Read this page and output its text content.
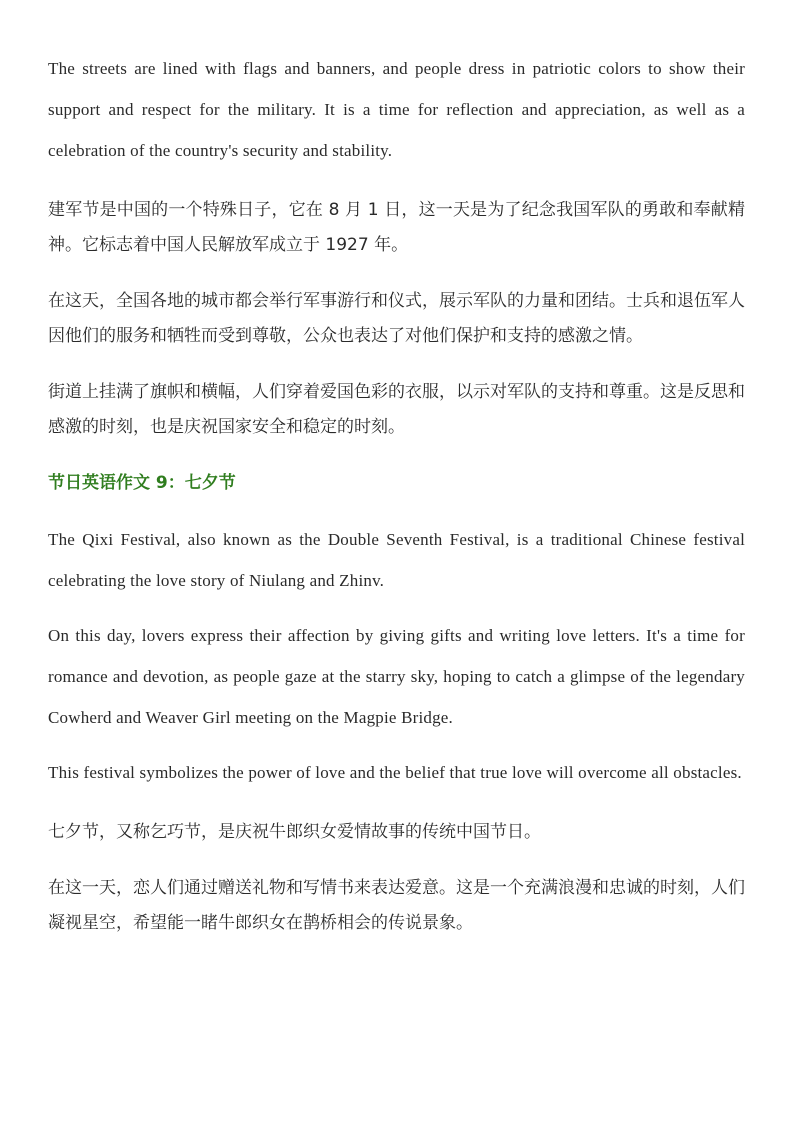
The streets are lined with flags and banners, and people dress in patriotic colors to show their support and respect for the military. It is a time for reflection and appreciation, as well as a celebration of the country's security and stability.

建军节是中国的一个特殊日子，它在 8 月 1 日，这一天是为了纪念我国军队的勇敢和奉献精神。它标志着中国人民解放军成立于 1927 年。

在这天，全国各地的城市都会举行军事游行和仪式，展示军队的力量和团结。士兵和退伍军人因他们的服务和牺牲而受到尊敬，公众也表达了对他们保护和支持的感激之情。

街道上挂满了旗帜和横幅，人们穿着爱国色彩的衣服，以示对军队的支持和尊重。这是反思和感激的时刻，也是庆祝国家安全和稳定的时刻。

节日英语作文 9：七夕节

The Qixi Festival, also known as the Double Seventh Festival, is a traditional Chinese festival celebrating the love story of Niulang and Zhinv.

On this day, lovers express their affection by giving gifts and writing love letters. It's a time for romance and devotion, as people gaze at the starry sky, hoping to catch a glimpse of the legendary Cowherd and Weaver Girl meeting on the Magpie Bridge.

This festival symbolizes the power of love and the belief that true love will overcome all obstacles.

七夕节，又称乞巧节，是庆祝牛郎织女爱情故事的传统中国节日。

在这一天，恋人们通过赠送礼物和写情书来表达爱意。这是一个充满浪漫和忠诚的时刻，人们凝视星空，希望能一睹牛郎织女在鹊桥相会的传说景象。
